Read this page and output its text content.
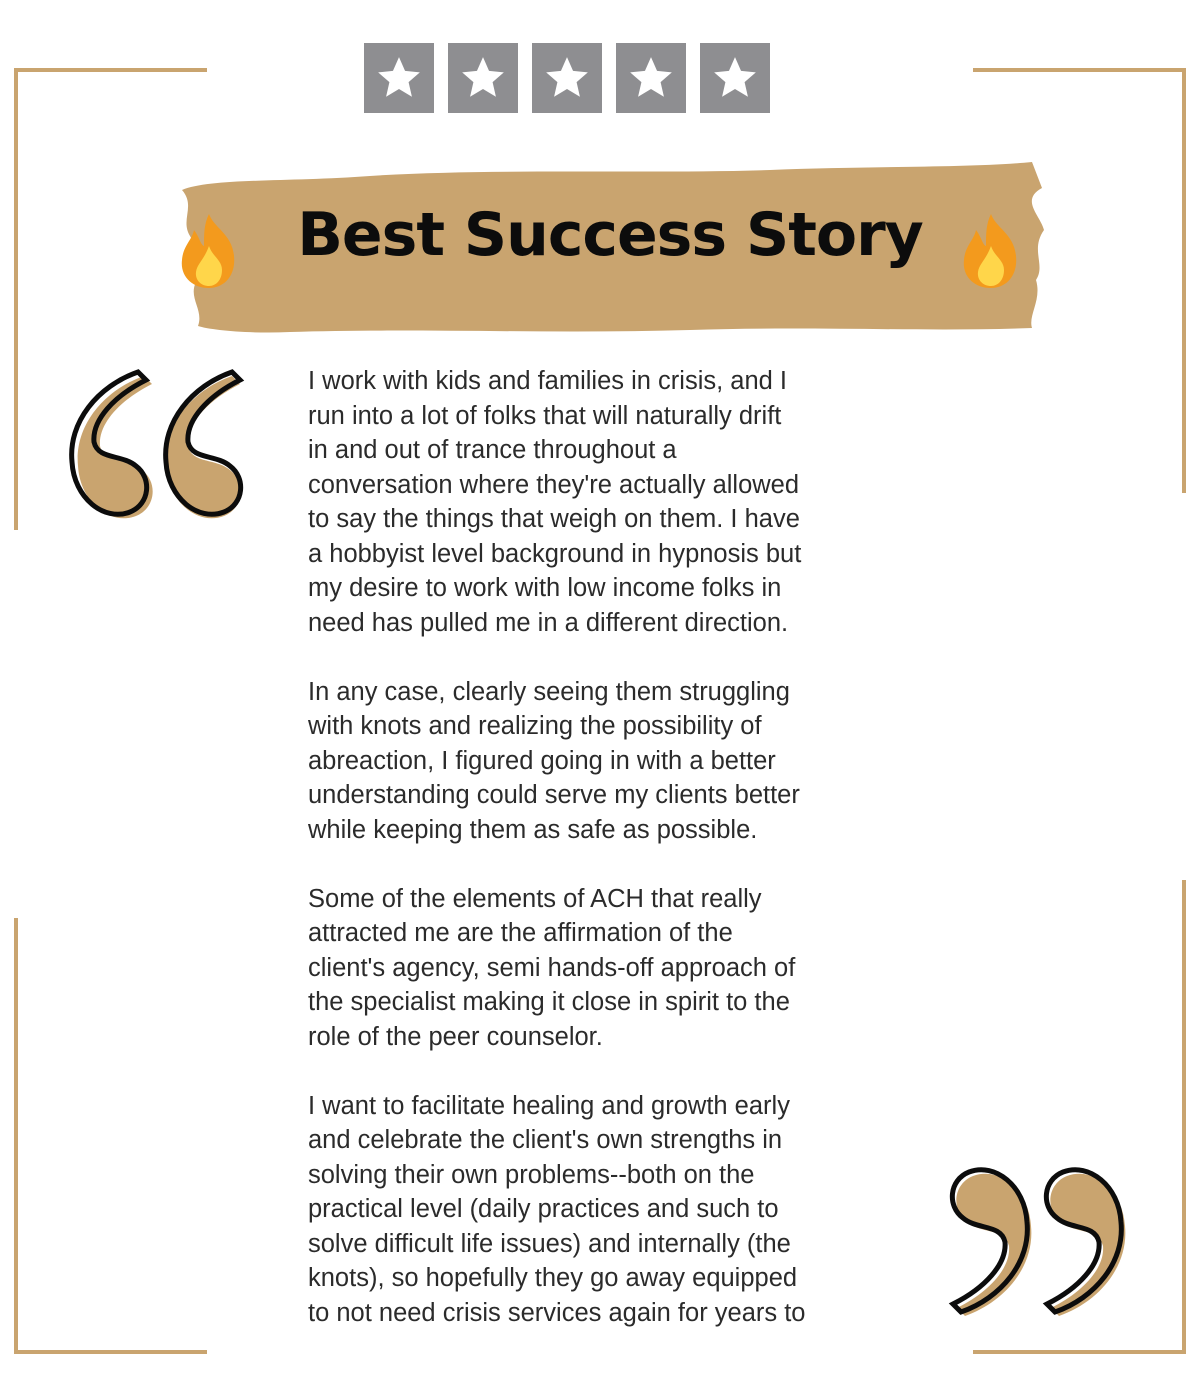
Best Success Story

I work with kids and families in crisis, and I
run into a lot of folks that will naturally drift
in and out of trance throughout a
conversation where they're actually allowed
to say the things that weigh on them. I have
a hobbyist level background in hypnosis but
my desire to work with low income folks in
need has pulled me in a different direction.

In any case, clearly seeing them struggling
with knots and realizing the possibility of
abreaction, I figured going in with a better
understanding could serve my clients better
while keeping them as safe as possible.

Some of the elements of ACH that really
attracted me are the affirmation of the
client's agency, semi hands-off approach of
the specialist making it close in spirit to the
role of the peer counselor.

I want to facilitate healing and growth early
and celebrate the client's own strengths in
solving their own problems--both on the
practical level (daily practices and such to
solve difficult life issues) and internally (the
knots), so hopefully they go away equipped
to not need crisis services again for years to
